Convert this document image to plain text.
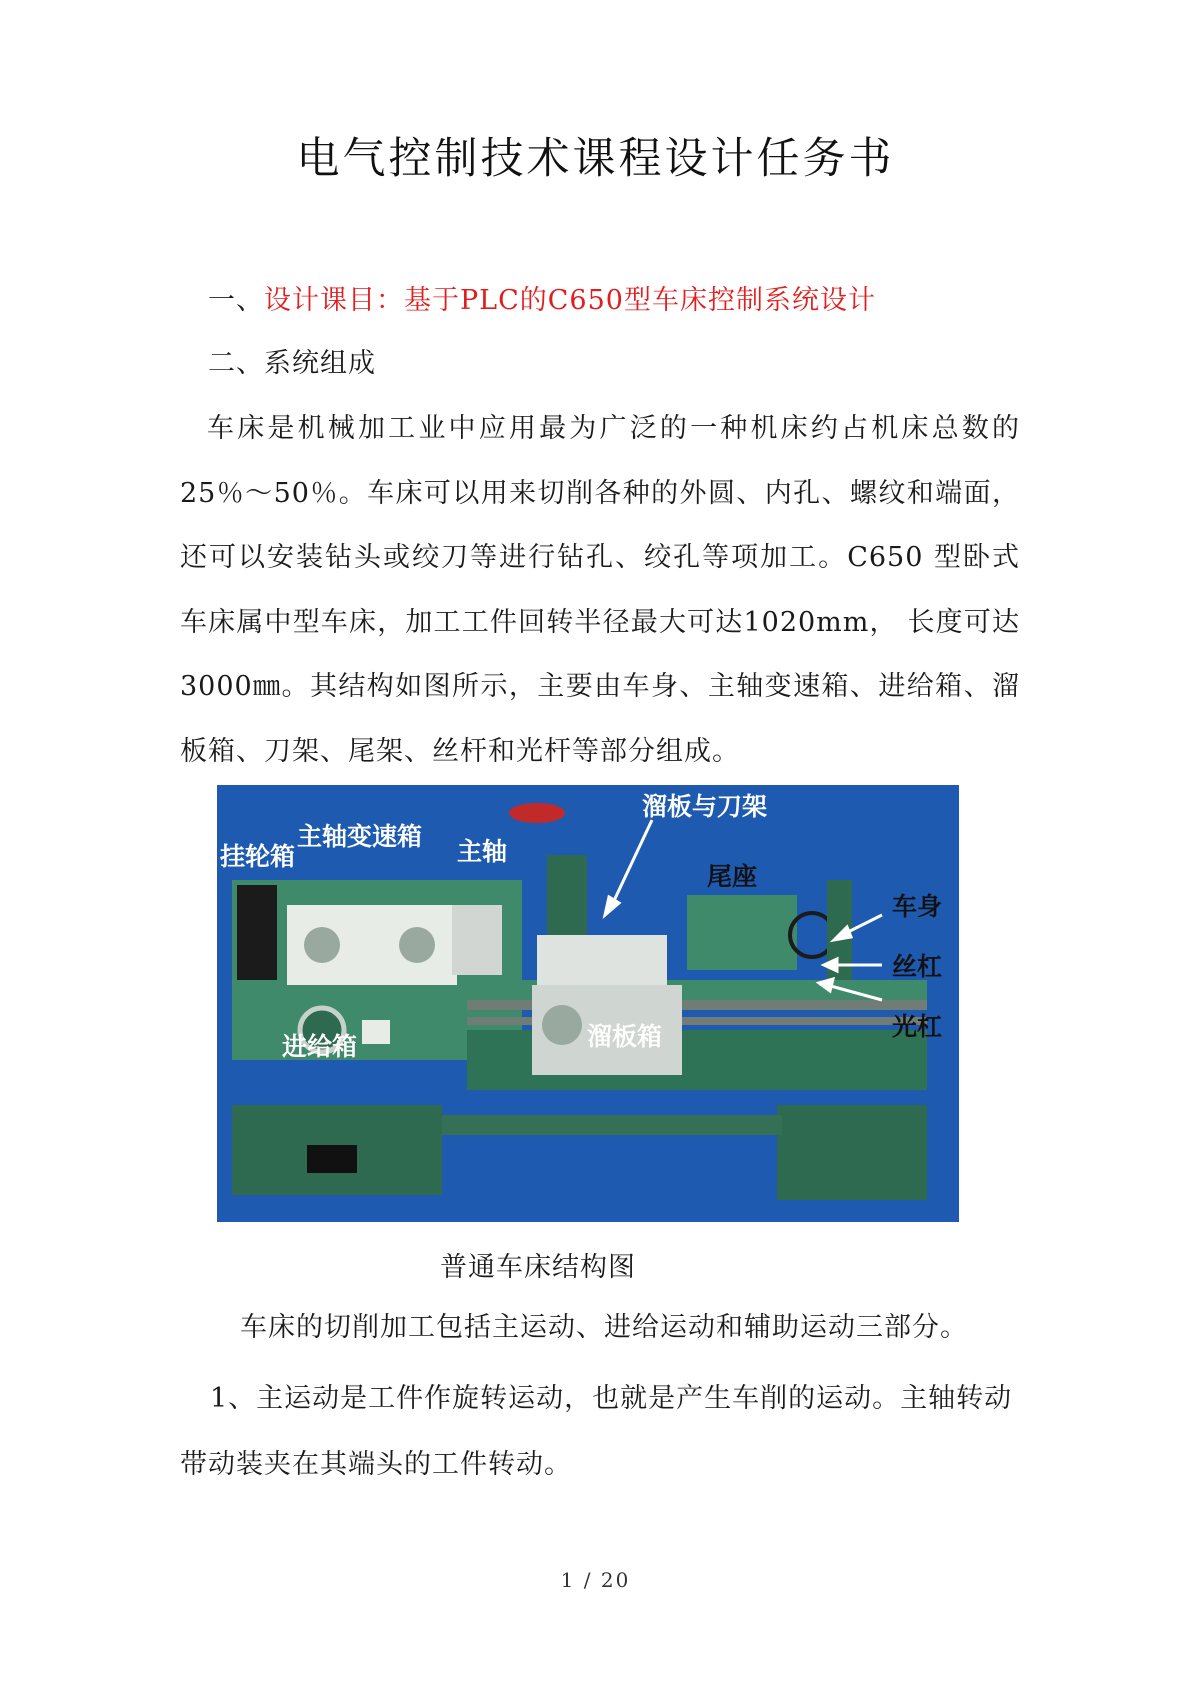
电气控制技术课程设计任务书
一、设计课目：基于PLC的C650型车床控制系统设计
二、系统组成
车床是机械加工业中应用最为广泛的一种机床约占机床总数的25％～50％。车床可以用来切削各种的外圆、内孔、螺纹和端面，还可以安装钻头或绞刀等进行钻孔、绞孔等项加工。C650 型卧式车床属中型车床，加工工件回转半径最大可达1020mm， 长度可达3000㎜。其结构如图所示，主要由车身、主轴变速箱、进给箱、溜板箱、刀架、尾架、丝杆和光杆等部分组成。
溜板与刀架
主轴变速箱
主轴
挂轮箱
尾座
车身
丝杠
光杠
进给箱	溜板箱
普通车床结构图
车床的切削加工包括主运动、进给运动和辅助运动三部分。
1、主运动是工件作旋转运动，也就是产生车削的运动。主轴转动带动装夹在其端头的工件转动。
1 / 20
